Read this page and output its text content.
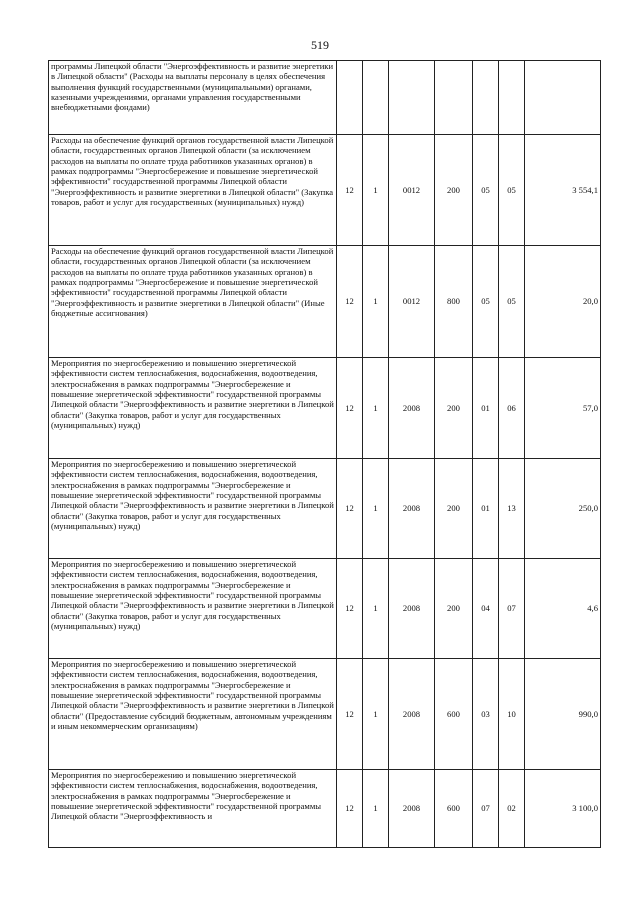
519
программы Липецкой области "Энергоэффективность и развитие энергетики в Липецкой области" (Расходы на выплаты персоналу в целях обеспечения выполнения функций государственными (муниципальными) органами, казенными учреждениями, органами управления государственными внебюджетными фондами)							
Расходы на обеспечение функций органов государственной власти Липецкой области, государственных органов Липецкой области (за исключением расходов на выплаты по оплате труда работников указанных органов) в рамках подпрограммы "Энергосбережение и повышение энергетической эффективности" государственной программы Липецкой области "Энергоэффективность и развитие энергетики в Липецкой области" (Закупка товаров, работ и услуг для государственных (муниципальных) нужд)	12	1	0012	200	05	05	3 554,1
Расходы на обеспечение функций органов государственной власти Липецкой области, государственных органов Липецкой области (за исключением расходов на выплаты по оплате труда работников указанных органов) в рамках подпрограммы "Энергосбережение и повышение энергетической эффективности" государственной программы Липецкой области "Энергоэффективность и развитие энергетики в Липецкой области" (Иные бюджетные ассигнования)	12	1	0012	800	05	05	20,0
Мероприятия по энергосбережению и повышению энергетической эффективности систем теплоснабжения, водоснабжения, водоотведения, электроснабжения в рамках подпрограммы "Энергосбережение и повышение энергетической эффективности" государственной программы Липецкой области "Энергоэффективность и развитие энергетики в Липецкой области" (Закупка товаров, работ и услуг для государственных (муниципальных) нужд)	12	1	2008	200	01	06	57,0
Мероприятия по энергосбережению и повышению энергетической эффективности систем теплоснабжения, водоснабжения, водоотведения, электроснабжения в рамках подпрограммы "Энергосбережение и повышение энергетической эффективности" государственной программы Липецкой области "Энергоэффективность и развитие энергетики в Липецкой области" (Закупка товаров, работ и услуг для государственных (муниципальных) нужд)	12	1	2008	200	01	13	250,0
Мероприятия по энергосбережению и повышению энергетической эффективности систем теплоснабжения, водоснабжения, водоотведения, электроснабжения в рамках подпрограммы "Энергосбережение и повышение энергетической эффективности" государственной программы Липецкой области "Энергоэффективность и развитие энергетики в Липецкой области" (Закупка товаров, работ и услуг для государственных (муниципальных) нужд)	12	1	2008	200	04	07	4,6
Мероприятия по энергосбережению и повышению энергетической эффективности систем теплоснабжения, водоснабжения, водоотведения, электроснабжения в рамках подпрограммы "Энергосбережение и повышение энергетической эффективности" государственной программы Липецкой области "Энергоэффективность и развитие энергетики в Липецкой области" (Предоставление субсидий бюджетным, автономным учреждениям и иным некоммерческим организациям)	12	1	2008	600	03	10	990,0
Мероприятия по энергосбережению и повышению энергетической эффективности систем теплоснабжения, водоснабжения, водоотведения, электроснабжения в рамках подпрограммы "Энергосбережение и повышение энергетической эффективности" государственной программы Липецкой области "Энергоэффективность и	12	1	2008	600	07	02	3 100,0
